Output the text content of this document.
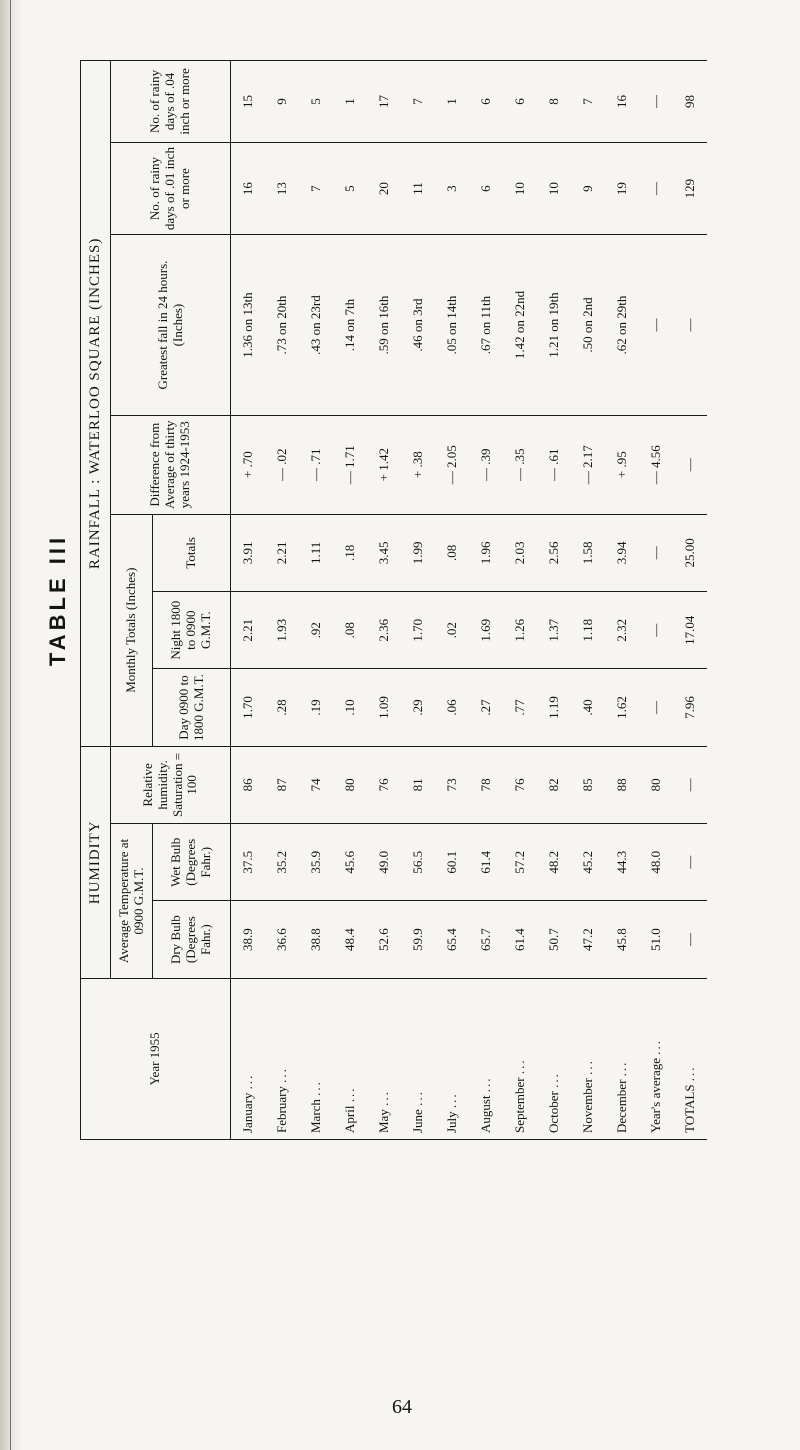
TABLE III
Year 1955	HUMIDITY			RAINFALL : WATERLOO SQUARE (INCHES)						
	Average Temperature at 0900 G.M.T.		Relative humidity. Saturation = 100	Monthly Totals (Inches)			Difference from Average of thirty years 1924-1953	Greatest fall in 24 hours. (Inches)	No. of rainy days of .01 inch or more	No. of rainy days of .04 inch or more
	Dry Bulb (Degrees Fahr.)	Wet Bulb (Degrees Fahr.)		Day 0900 to 1800 G.M.T.	Night 1800 to 0900 G.M.T.	Totals				
January ...	38.9	37.5	86	1.70	2.21	3.91	+ .70	1.36 on 13th	16	15
February ...	36.6	35.2	87	.28	1.93	2.21	— .02	.73 on 20th	13	9
March ...	38.8	35.9	74	.19	.92	1.11	— .71	.43 on 23rd	7	5
April ...	48.4	45.6	80	.10	.08	.18	— 1.71	.14 on 7th	5	1
May ...	52.6	49.0	76	1.09	2.36	3.45	+ 1.42	.59 on 16th	20	17
June ...	59.9	56.5	81	.29	1.70	1.99	+ .38	.46 on 3rd	11	7
July ...	65.4	60.1	73	.06	.02	.08	— 2.05	.05 on 14th	3	1
August ...	65.7	61.4	78	.27	1.69	1.96	— .39	.67 on 11th	6	6
September ...	61.4	57.2	76	.77	1.26	2.03	— .35	1.42 on 22nd	10	6
October ...	50.7	48.2	82	1.19	1.37	2.56	— .61	1.21 on 19th	10	8
November ...	47.2	45.2	85	.40	1.18	1.58	— 2.17	.50 on 2nd	9	7
December ...	45.8	44.3	88	1.62	2.32	3.94	+ .95	.62 on 29th	19	16
Year's average ...	51.0	48.0	80	—	—	—	— 4.56	—	—	—
TOTALS ...	—	—	—	7.96	17.04	25.00	—	—	129	98
64
